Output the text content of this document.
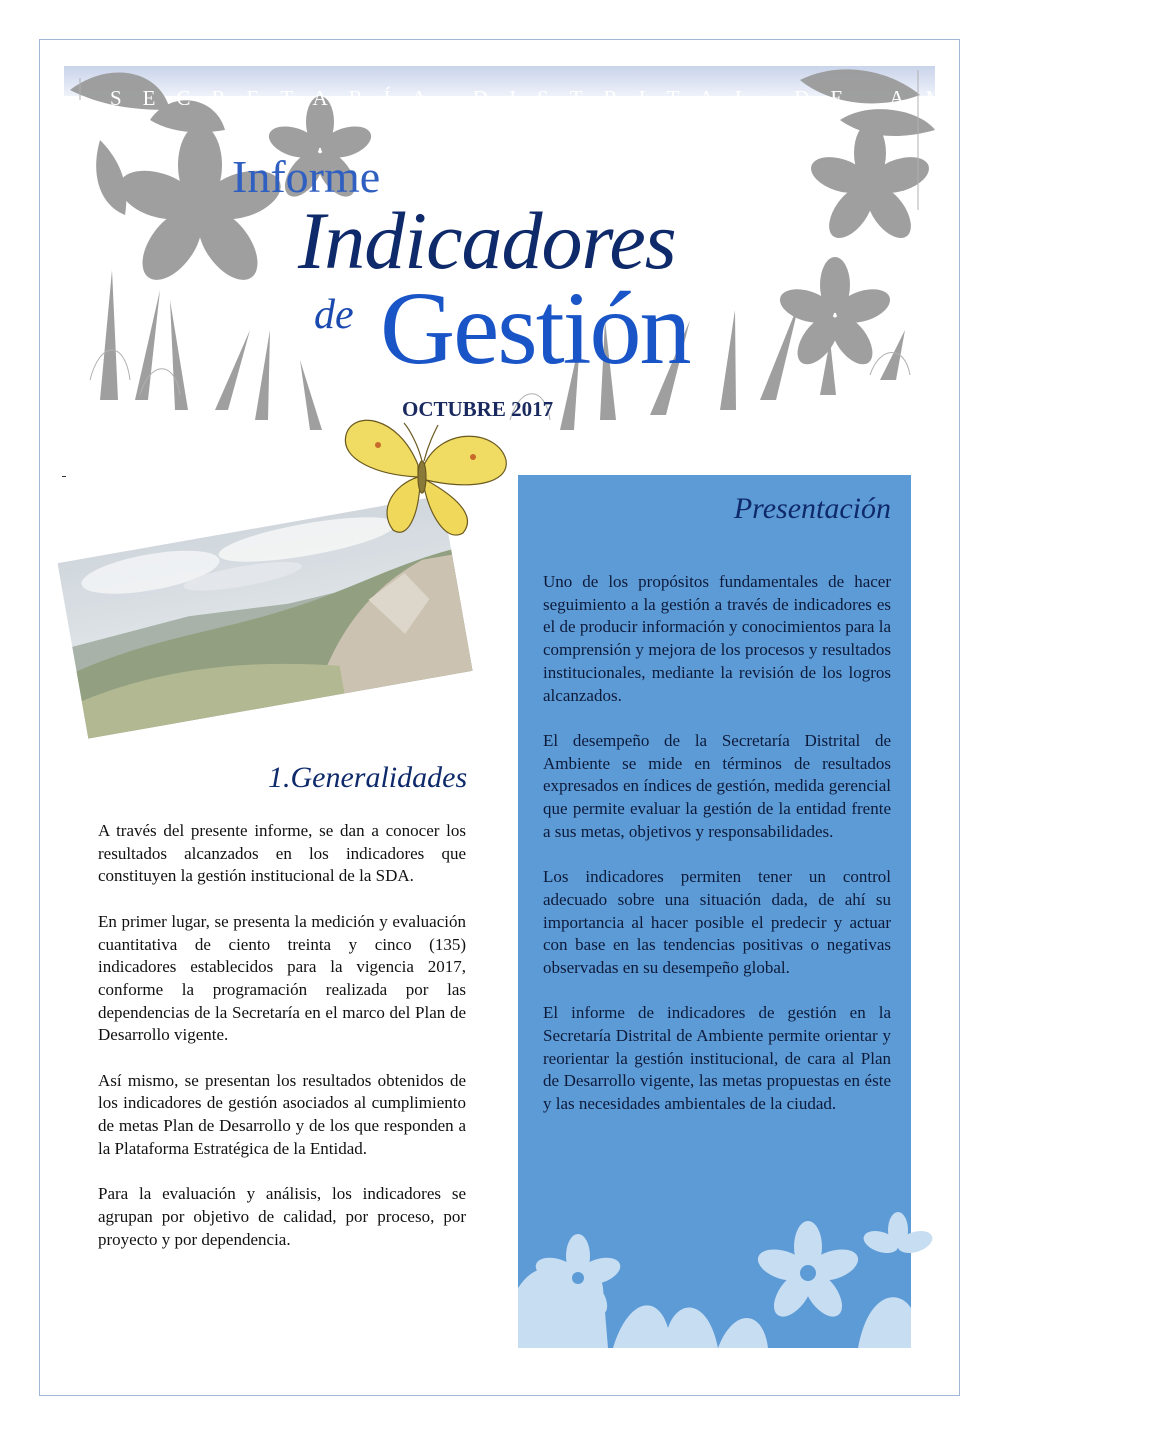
SECRETARÍA DISTRITAL DE AMBIENTE
Informe
Indicadores
de Gestión
OCTUBRE 2017
Presentación

Uno de los propósitos fundamentales de hacer seguimiento a la gestión a través de indicadores es el de producir información y conocimientos para la comprensión y mejora de los procesos y resultados institucionales, mediante la revisión de los logros alcanzados.

El desempeño de la Secretaría Distrital de Ambiente se mide en términos de resultados expresados en índices de gestión, medida gerencial que permite evaluar la gestión de la entidad frente a sus metas, objetivos y responsabilidades.

Los indicadores permiten tener un control adecuado sobre una situación dada, de ahí su importancia al hacer posible el predecir y actuar con base en las tendencias positivas o negativas observadas en su desempeño global.

El informe de indicadores de gestión en la Secretaría Distrital de Ambiente permite orientar y reorientar la gestión institucional, de cara al Plan de Desarrollo vigente, las metas propuestas en éste y las necesidades ambientales de la ciudad.

1.Generalidades

A través del presente informe, se dan a conocer los resultados alcanzados en los indicadores que constituyen la gestión institucional de la SDA.

En primer lugar, se presenta la medición y evaluación cuantitativa de ciento treinta y cinco (135) indicadores establecidos para la vigencia 2017, conforme la programación realizada por las dependencias de la Secretaría en el marco del Plan de Desarrollo vigente.

Así mismo, se presentan los resultados obtenidos de los indicadores de gestión asociados al cumplimiento de metas Plan de Desarrollo y de los que responden a la Plataforma Estratégica de la Entidad.

Para la evaluación y análisis, los indicadores se agrupan por objetivo de calidad, por proceso, por proyecto y por dependencia.
